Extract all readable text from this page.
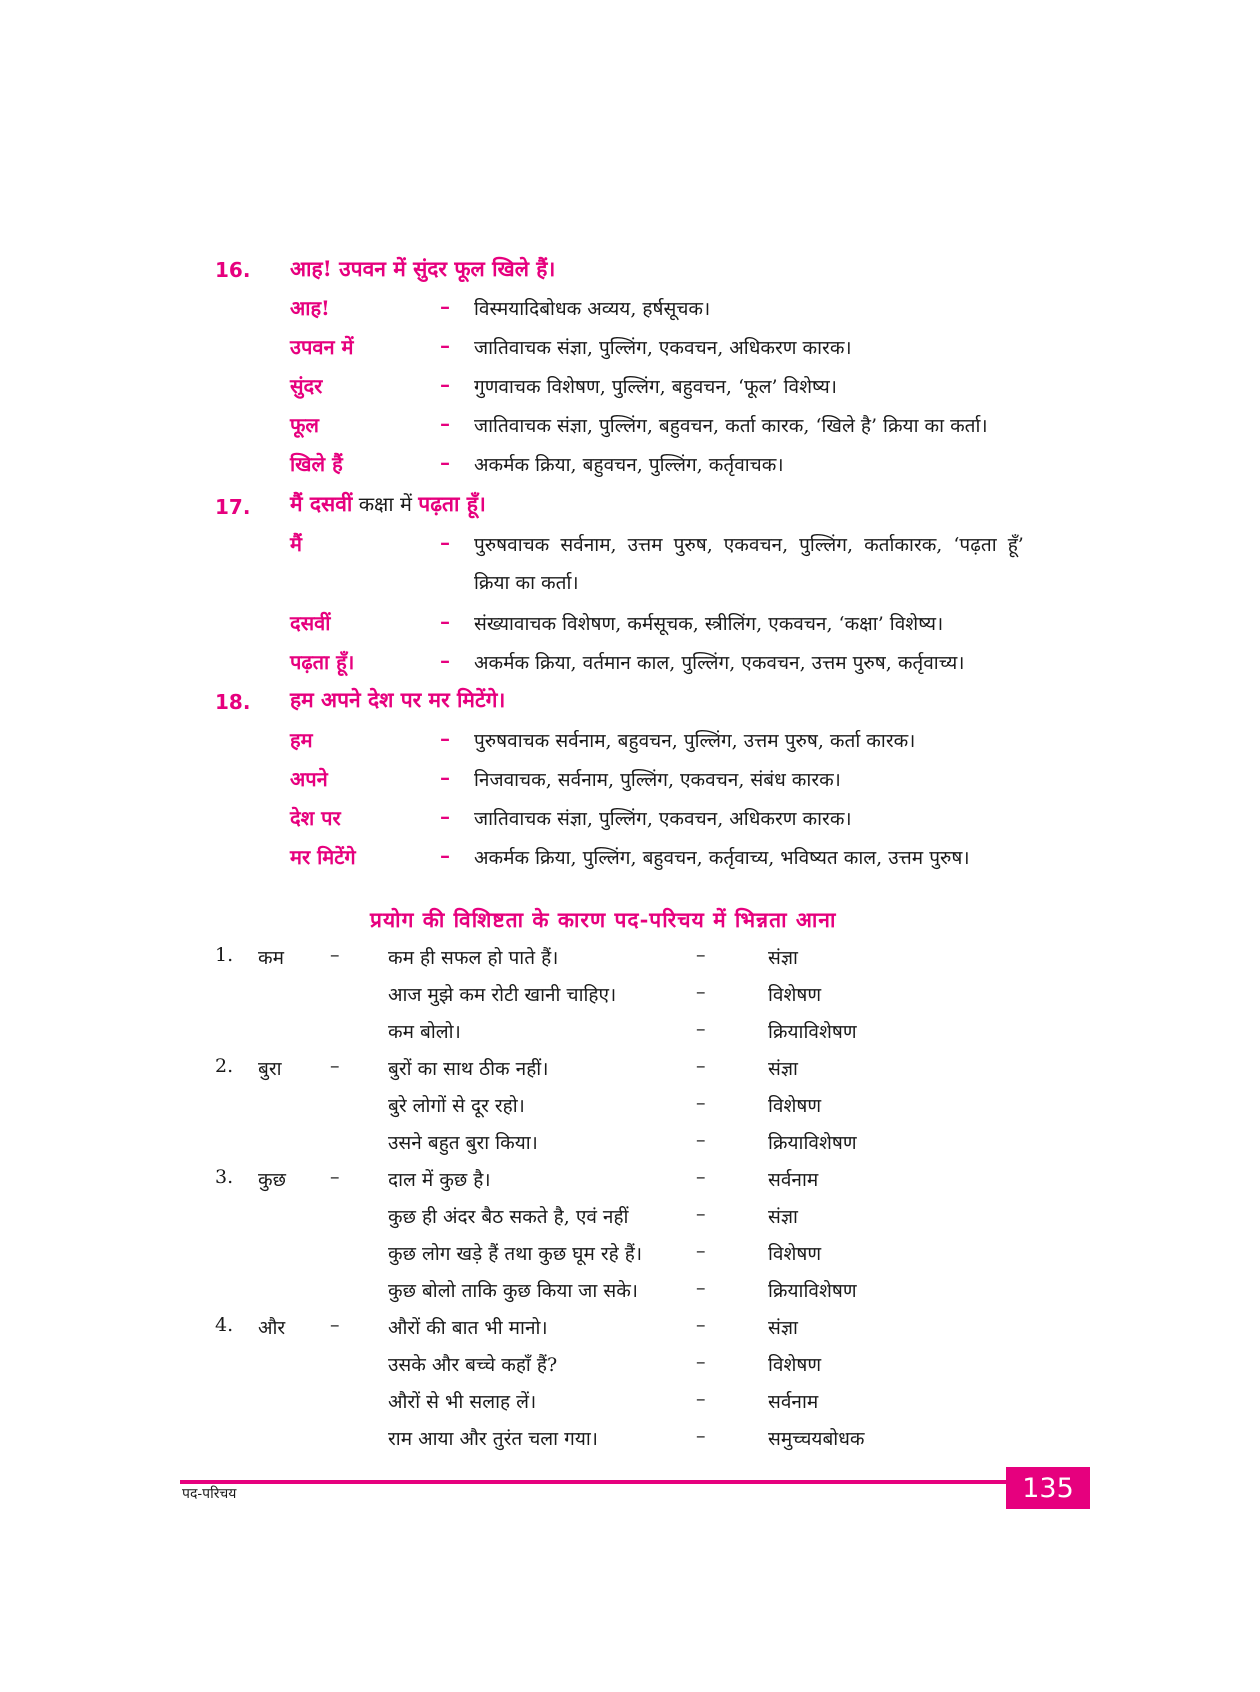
16. आह! उपवन में सुंदर फूल खिले हैं।
आह!	– विस्मयादिबोधक अव्यय, हर्षसूचक।
उपवन में	– जातिवाचक संज्ञा, पुल्लिंग, एकवचन, अधिकरण कारक।
सुंदर	– गुणवाचक विशेषण, पुल्लिंग, बहुवचन, ‘फूल’ विशेष्य।
फूल	– जातिवाचक संज्ञा, पुल्लिंग, बहुवचन, कर्ता कारक, ‘खिले है’ क्रिया का कर्ता।
खिले हैं	– अकर्मक क्रिया, बहुवचन, पुल्लिंग, कर्तृवाचक।
17. मैं दसवीं कक्षा में पढ़ता हूँ।
मैं	– पुरुषवाचक सर्वनाम, उत्तम पुरुष, एकवचन, पुल्लिंग, कर्ताकारक, ‘पढ़ता हूँ’
क्रिया का कर्ता।
दसवीं	– संख्यावाचक विशेषण, कर्मसूचक, स्त्रीलिंग, एकवचन, ‘कक्षा’ विशेष्य।
पढ़ता हूँ।	– अकर्मक क्रिया, वर्तमान काल, पुल्लिंग, एकवचन, उत्तम पुरुष, कर्तृवाच्य।
18. हम अपने देश पर मर मिटेंगे।
हम	– पुरुषवाचक सर्वनाम, बहुवचन, पुल्लिंग, उत्तम पुरुष, कर्ता कारक।
अपने	– निजवाचक, सर्वनाम, पुल्लिंग, एकवचन, संबंध कारक।
देश पर	– जातिवाचक संज्ञा, पुल्लिंग, एकवचन, अधिकरण कारक।
मर मिटेंगे	– अकर्मक क्रिया, पुल्लिंग, बहुवचन, कर्तृवाच्य, भविष्यत काल, उत्तम पुरुष।
प्रयोग की विशिष्टता के कारण पद-परिचय में भिन्नता आना
1. कम –	कम ही सफल हो पाते हैं।	–	संज्ञा
आज मुझे कम रोटी खानी चाहिए।	–	विशेषण
कम बोलो।	–	क्रियाविशेषण
2. बुरा	–	बुरों का साथ ठीक नहीं।	–	संज्ञा
बुरे लोगों से दूर रहो।	–	विशेषण
उसने बहुत बुरा किया।	–	क्रियाविशेषण
3. कुछ –	दाल में कुछ है।	–	सर्वनाम
कुछ ही अंदर बैठ सकते है, एवं नहीं	–	संज्ञा
कुछ लोग खड़े हैं तथा कुछ घूम रहे हैं।	–	विशेषण
कुछ बोलो ताकि कुछ किया जा सके।	–	क्रियाविशेषण
4. और –	औरों की बात भी मानो।	–	संज्ञा
उसके और बच्चे कहाँ हैं?	–	विशेषण
औरों से भी सलाह लें।	–	सर्वनाम
राम आया और तुरंत चला गया।	–	समुच्चयबोधक
पद-परिचय	135
